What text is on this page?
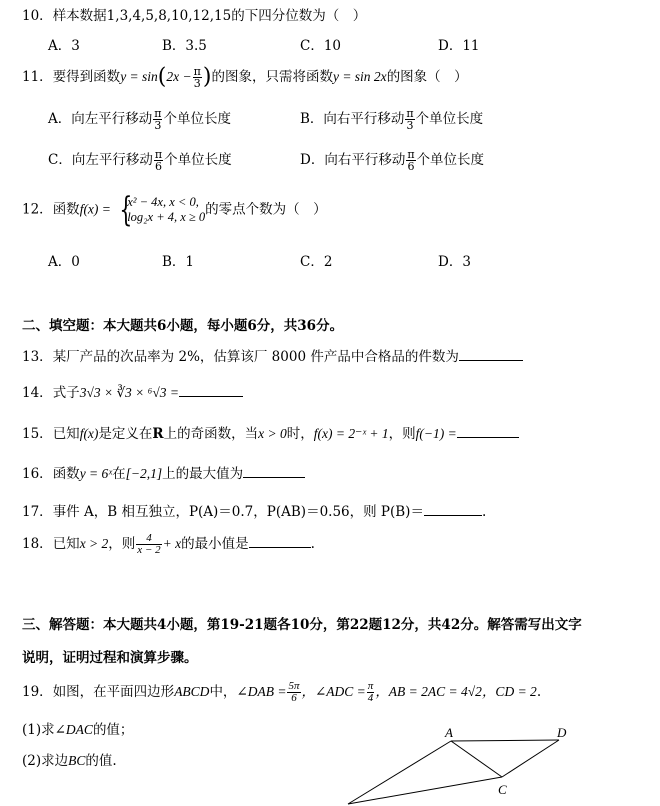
10．样本数据1,3,4,5,8,10,12,15的下四分位数为（　）
A．3	B．3.5	C．10	D．11
11．要得到函数$y = \sin(2x - \frac{\pi}{3}$ )的图象，只需将函数y = sin 2x的图象（　）
A．向左平行移动 $\frac{\pi}{3}$ 个单位长度	B．向右平行移动 $\frac{\pi}{3}$ 个单位长度
C．向左平行移动 $\frac{\pi}{6}$ 个单位长度	D．向右平行移动 $\frac{\pi}{6}$ 个单位长度
12．函数f(x) = {
x² − 4x, x < 0,
log₂x + 4, x ≥ 0 的零点个数为（　）
A．0	B．1	C．2	D．3
二、填空题：本大题共6小题，每小题6分，共36分。
13．某厂产品的次品率为 2%，估算该厂 8000 件产品中合格品的件数为
14．式子3√3 × ∛3 × ⁶√3 =
15．已知f(x)是定义在R上的奇函数，当x > 0时，f(x) = 2⁻ˣ + 1，则f(−1) =
16．函数y = 6ˣ在[−2,1]上的最大值为
17．事件 A，B 相互独立，P(A)＝0.7，P(AB)＝0.56，则 P(B)＝	.
18．已知x > 2，则 $\frac{4}{x - 2} + x$的最小值是	.
三、解答题：本大题共4小题，第19-21题各10分，第22题12分，共42分。解答需写出文字
说明，证明过程和演算步骤。
19．如图，在平面四边形ABCD中，∠DAB = $\frac{5\pi}{6}$ ，∠ADC = $\frac{\pi}{4}$ ，AB = 2AC = 4√2，CD = 2.
(1)求∠DAC的值；
(2)求边BC的值.
A	D
C
